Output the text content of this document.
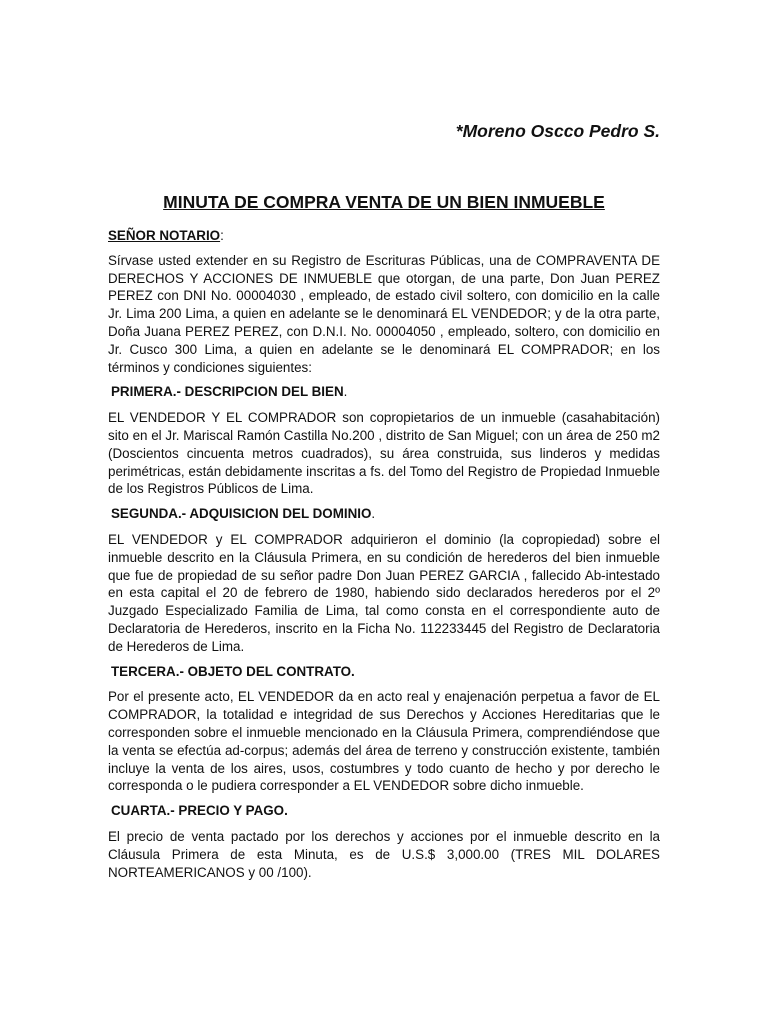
*Moreno Oscco Pedro S.

MINUTA DE COMPRA VENTA DE UN BIEN INMUEBLE

SEÑOR NOTARIO:

Sírvase usted extender en su Registro de Escrituras Públicas, una de COMPRAVENTA DE DERECHOS Y ACCIONES DE INMUEBLE que otorgan, de una parte, Don Juan PEREZ PEREZ con DNI No. 00004030 , empleado, de estado civil soltero, con domicilio en la calle Jr. Lima 200 Lima, a quien en adelante se le denominará EL VENDEDOR; y de la otra parte, Doña Juana PEREZ PEREZ, con D.N.I. No. 00004050 , empleado, soltero, con domicilio en Jr. Cusco 300 Lima, a quien en adelante se le denominará EL COMPRADOR; en los términos y condiciones siguientes:

PRIMERA.- DESCRIPCION DEL BIEN.

EL VENDEDOR Y EL COMPRADOR son copropietarios de un inmueble (casahabitación) sito en el Jr. Mariscal Ramón Castilla No.200 , distrito de San Miguel; con un área de 250 m2 (Doscientos cincuenta metros cuadrados), su área construida, sus linderos y medidas perimétricas, están debidamente inscritas a fs. del Tomo del Registro de Propiedad Inmueble de los Registros Públicos de Lima.

SEGUNDA.- ADQUISICION DEL DOMINIO.

EL VENDEDOR y EL COMPRADOR adquirieron el dominio (la copropiedad) sobre el inmueble descrito en la Cláusula Primera, en su condición de herederos del bien inmueble que fue de propiedad de su señor padre Don Juan PEREZ GARCIA , fallecido Ab-intestado en esta capital el 20 de febrero de 1980, habiendo sido declarados herederos por el 2º Juzgado Especializado Familia de Lima, tal como consta en el correspondiente auto de Declaratoria de Herederos, inscrito en la Ficha No. 112233445 del Registro de Declaratoria de Herederos de Lima.

TERCERA.- OBJETO DEL CONTRATO.

Por el presente acto, EL VENDEDOR da en acto real y enajenación perpetua a favor de EL COMPRADOR, la totalidad e integridad de sus Derechos y Acciones Hereditarias que le corresponden sobre el inmueble mencionado en la Cláusula Primera, comprendiéndose que la venta se efectúa ad-corpus; además del área de terreno y construcción existente, también incluye la venta de los aires, usos, costumbres y todo cuanto de hecho y por derecho le corresponda o le pudiera corresponder a EL VENDEDOR sobre dicho inmueble.

CUARTA.- PRECIO Y PAGO.

El precio de venta pactado por los derechos y acciones por el inmueble descrito en la Cláusula Primera de esta Minuta, es de U.S.$ 3,000.00 (TRES MIL DOLARES NORTEAMERICANOS y 00 /100).
